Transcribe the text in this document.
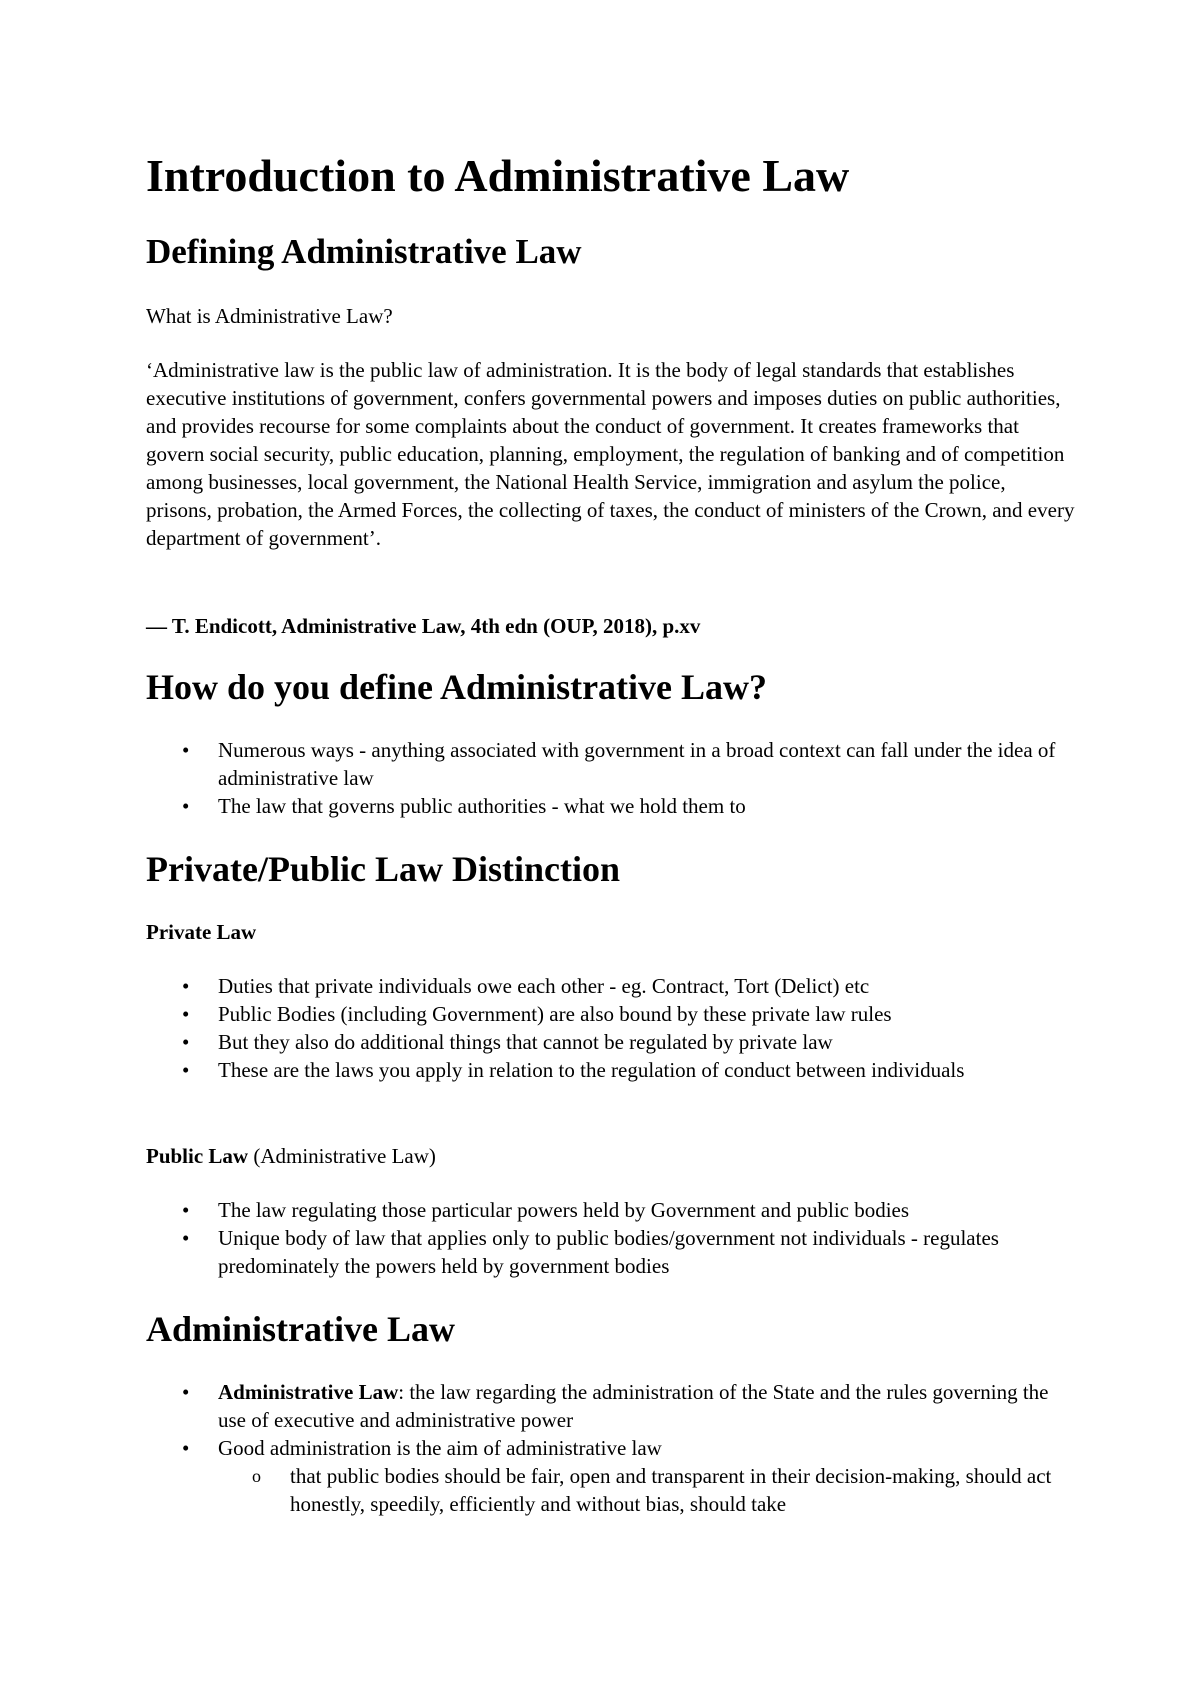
Introduction to Administrative Law
Defining Administrative Law

What is Administrative Law?

‘Administrative law is the public law of administration. It is the body of legal standards that establishes executive institutions of government, confers governmental powers and imposes duties on public authorities, and provides recourse for some complaints about the conduct of government. It creates frameworks that govern social security, public education, planning, employment, the regulation of banking and of competition among businesses, local government, the National Health Service, immigration and asylum the police, prisons, probation, the Armed Forces, the collecting of taxes, the conduct of ministers of the Crown, and every department of government’.

— T. Endicott, Administrative Law, 4th edn (OUP, 2018), p.xv

How do you define Administrative Law?
• Numerous ways - anything associated with government in a broad context can fall under the idea of administrative law
• The law that governs public authorities - what we hold them to
Private/Public Law Distinction

Private Law

• Duties that private individuals owe each other - eg. Contract, Tort (Delict) etc
• Public Bodies (including Government) are also bound by these private law rules
• But they also do additional things that cannot be regulated by private law
• These are the laws you apply in relation to the regulation of conduct between individuals

Public Law (Administrative Law)

• The law regulating those particular powers held by Government and public bodies
• Unique body of law that applies only to public bodies/government not individuals - regulates predominately the powers held by government bodies
Administrative Law
• Administrative Law: the law regarding the administration of the State and the rules governing the use of executive and administrative power
• Good administration is the aim of administrative law
o that public bodies should be fair, open and transparent in their decision-making, should act honestly, speedily, efficiently and without bias, should take
